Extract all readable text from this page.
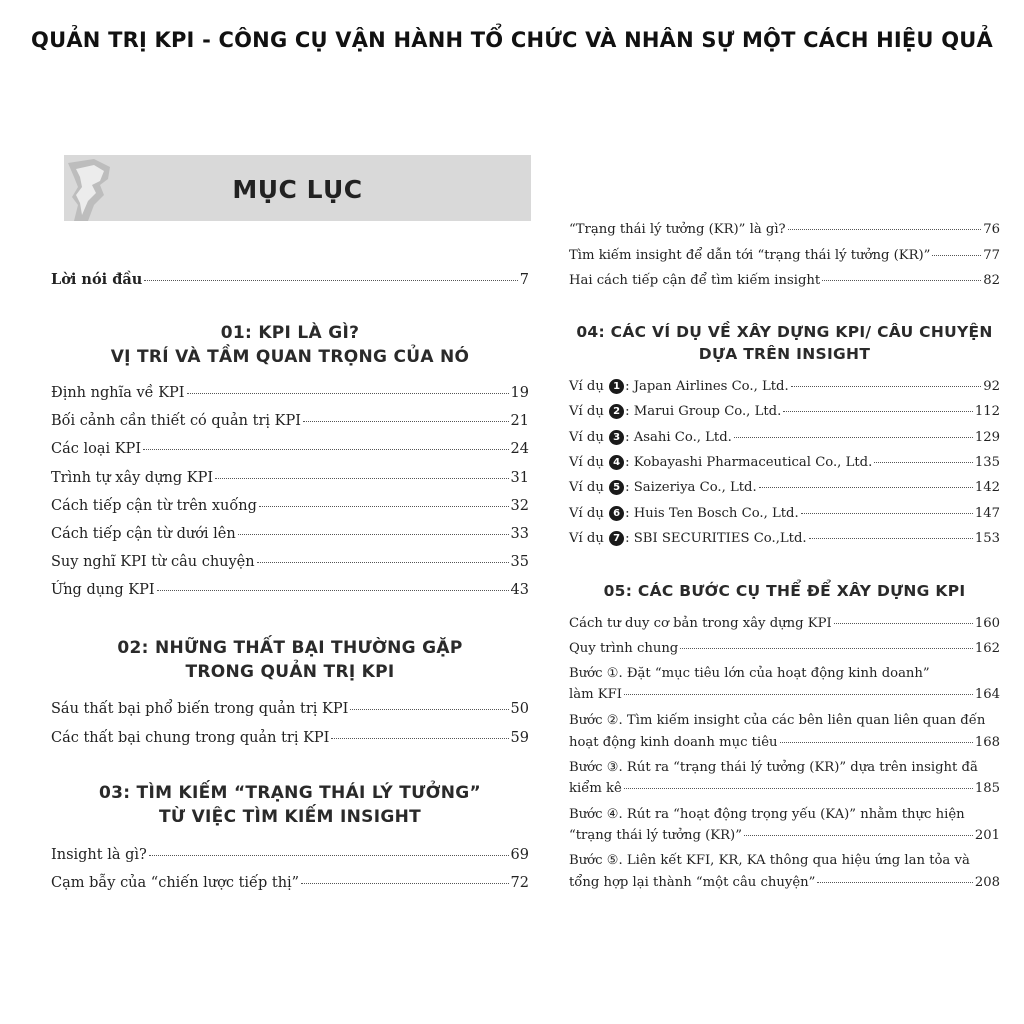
QUẢN TRỊ KPI - CÔNG CỤ VẬN HÀNH TỔ CHỨC VÀ NHÂN SỰ MỘT CÁCH HIỆU QUẢ
MỤC LỤC
Lời nói đầu	7
01: KPI LÀ GÌ?
VỊ TRÍ VÀ TẦM QUAN TRỌNG CỦA NÓ
Định nghĩa về KPI	19
Bối cảnh cần thiết có quản trị KPI	21
Các loại KPI	24
Trình tự xây dựng KPI	31
Cách tiếp cận từ trên xuống	32
Cách tiếp cận từ dưới lên	33
Suy nghĩ KPI từ câu chuyện	35
Ứng dụng KPI	43
02: NHỮNG THẤT BẠI THƯỜNG GẶP
TRONG QUẢN TRỊ KPI
Sáu thất bại phổ biến trong quản trị KPI	50
Các thất bại chung trong quản trị KPI	59
03: TÌM KIẾM “TRẠNG THÁI LÝ TƯỞNG”
TỪ VIỆC TÌM KIẾM INSIGHT
Insight là gì?	69
Cạm bẫy của “chiến lược tiếp thị”	72
“Trạng thái lý tưởng (KR)” là gì?	76
Tìm kiếm insight để dẫn tới “trạng thái lý tưởng (KR)”	77
Hai cách tiếp cận để tìm kiếm insight	82
04: CÁC VÍ DỤ VỀ XÂY DỰNG KPI/ CÂU CHUYỆN
DỰA TRÊN INSIGHT
Ví dụ 1 : Japan Airlines Co., Ltd.	92
Ví dụ 2 : Marui Group Co., Ltd.	112
Ví dụ 3 : Asahi Co., Ltd.	129
Ví dụ 4 : Kobayashi Pharmaceutical Co., Ltd.	135
Ví dụ 5 : Saizeriya Co., Ltd.	142
Ví dụ 6 : Huis Ten Bosch Co., Ltd.	147
Ví dụ 7 : SBI SECURITIES Co.,Ltd.	153
05: CÁC BƯỚC CỤ THỂ ĐỂ XÂY DỰNG KPI
Cách tư duy cơ bản trong xây dựng KPI	160
Quy trình chung	162
Bước ①. Đặt “mục tiêu lớn của hoạt động kinh doanh”
làm KFI	164
Bước ②. Tìm kiếm insight của các bên liên quan liên quan đến
hoạt động kinh doanh mục tiêu	168
Bước ③. Rút ra “trạng thái lý tưởng (KR)” dựa trên insight đã
kiểm kê	185
Bước ④. Rút ra “hoạt động trọng yếu (KA)” nhằm thực hiện
“trạng thái lý tưởng (KR)”	201
Bước ⑤. Liên kết KFI, KR, KA thông qua hiệu ứng lan tỏa và
tổng hợp lại thành “một câu chuyện”	208
